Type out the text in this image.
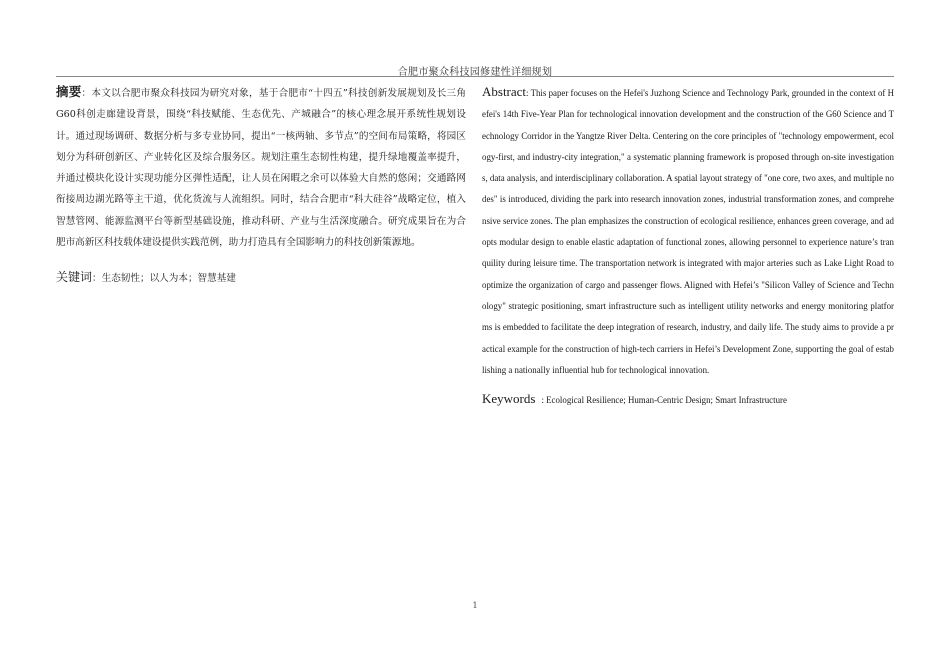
合肥市聚众科技园修建性详细规划

摘要：本文以合肥市聚众科技园为研究对象，基于合肥市“十四五”科技创新发展规划及长三角G60科创走廊建设背景，围绕“科技赋能、生态优先、产城融合”的核心理念展开系统性规划设计。通过现场调研、数据分析与多专业协同，提出“一核两轴、多节点”的空间布局策略，将园区划分为科研创新区、产业转化区及综合服务区。规划注重生态韧性构建，提升绿地覆盖率提升，并通过模块化设计实现功能分区弹性适配，让人员在闲暇之余可以体验大自然的悠闲；交通路网衔接周边湖光路等主干道，优化货流与人流组织。同时，结合合肥市“科大硅谷”战略定位，植入智慧管网、能源监测平台等新型基础设施，推动科研、产业与生活深度融合。研究成果旨在为合肥市高新区科技载体建设提供实践范例，助力打造具有全国影响力的科技创新策源地。

关键词：生态韧性；以人为本；智慧基建

Abstract: This paper focuses on the Hefei's Juzhong Science and Technology Park, grounded in the context of Hefei's 14th Five-Year Plan for technological innovation development and the construction of the G60 Science and Technology Corridor in the Yangtze River Delta. Centering on the core principles of "technology empowerment, ecology-first, and industry-city integration," a systematic planning framework is proposed through on-site investigations, data analysis, and interdisciplinary collaboration. A spatial layout strategy of "one core, two axes, and multiple nodes" is introduced, dividing the park into research innovation zones, industrial transformation zones, and comprehensive service zones. The plan emphasizes the construction of ecological resilience, enhances green coverage, and adopts modular design to enable elastic adaptation of functional zones, allowing personnel to experience nature’s tranquility during leisure time. The transportation network is integrated with major arteries such as Lake Light Road to optimize the organization of cargo and passenger flows. Aligned with Hefei’s "Silicon Valley of Science and Technology" strategic positioning, smart infrastructure such as intelligent utility networks and energy monitoring platforms is embedded to facilitate the deep integration of research, industry, and daily life. The study aims to provide a practical example for the construction of high-tech carriers in Hefei’s Development Zone, supporting the goal of establishing a nationally influential hub for technological innovation.

Keywords : Ecological Resilience; Human-Centric Design; Smart Infrastructure
1
